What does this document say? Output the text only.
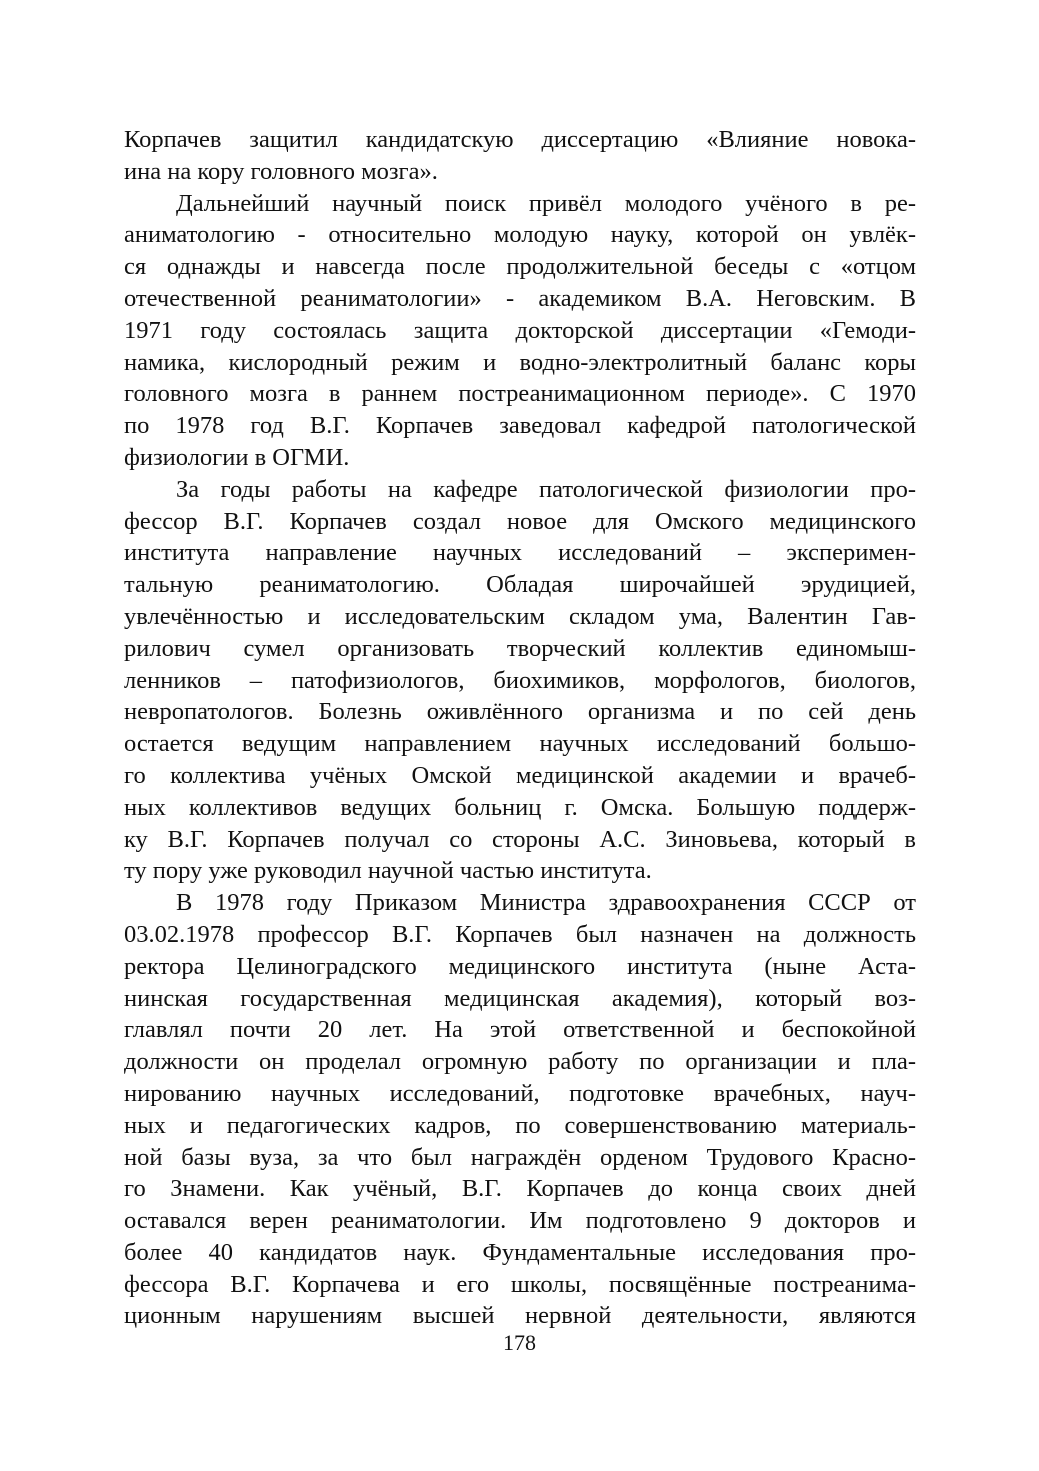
Корпачев защитил кандидатскую диссертацию «Влияние новока-
ина на кору головного мозга».
Дальнейший научный поиск привёл молодого учёного в ре-
аниматологию - относительно молодую науку, которой он увлёк-
ся однажды и навсегда после продолжительной беседы с «отцом
отечественной реаниматологии» - академиком В.А. Неговским. В
1971 году состоялась защита докторской диссертации «Гемоди-
намика, кислородный режим и водно-электролитный баланс коры
головного мозга в раннем постреанимационном периоде». С 1970
по 1978 год В.Г. Корпачев заведовал кафедрой патологической
физиологии в ОГМИ.
За годы работы на кафедре патологической физиологии про-
фессор В.Г. Корпачев создал новое для Омского медицинского
института направление научных исследований – эксперимен-
тальную реаниматологию. Обладая широчайшей эрудицией,
увлечённостью и исследовательским складом ума, Валентин Гав-
рилович сумел организовать творческий коллектив единомыш-
ленников – патофизиологов, биохимиков, морфологов, биологов,
невропатологов. Болезнь оживлённого организма и по сей день
остается ведущим направлением научных исследований большо-
го коллектива учёных Омской медицинской академии и врачеб-
ных коллективов ведущих больниц г. Омска. Большую поддерж-
ку В.Г. Корпачев получал со стороны А.С. Зиновьева, который в
ту пору уже руководил научной частью института.
В 1978 году Приказом Министра здравоохранения СССР от
03.02.1978 профессор В.Г. Корпачев был назначен на должность
ректора Целиноградского медицинского института (ныне Аста-
нинская государственная медицинская академия), который воз-
главлял почти 20 лет. На этой ответственной и беспокойной
должности он проделал огромную работу по организации и пла-
нированию научных исследований, подготовке врачебных, науч-
ных и педагогических кадров, по совершенствованию материаль-
ной базы вуза, за что был награждён орденом Трудового Красно-
го Знамени. Как учёный, В.Г. Корпачев до конца своих дней
оставался верен реаниматологии. Им подготовлено 9 докторов и
более 40 кандидатов наук. Фундаментальные исследования про-
фессора В.Г. Корпачева и его школы, посвящённые постреанима-
ционным нарушениям высшей нервной деятельности, являются
178
